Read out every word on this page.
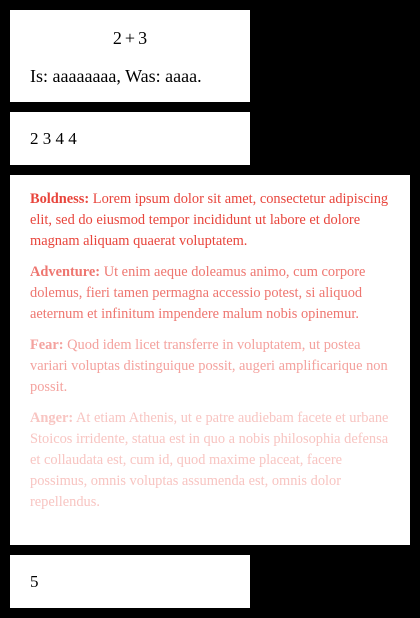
2 + 3
Is: aaaaaaaa, Was: aaaa.
2 3 4 4

Boldness: Lorem ipsum dolor sit amet, consectetur adipiscing elit, sed do eiusmod tempor incididunt ut labore et dolore magnam aliquam quaerat voluptatem.

Adventure: Ut enim aeque doleamus animo, cum corpore dolemus, fieri tamen permagna accessio potest, si aliquod aeternum et infinitum impendere malum nobis opinemur.

Fear: Quod idem licet transferre in voluptatem, ut postea variari voluptas distinguique possit, augeri amplificarique non possit.

Anger: At etiam Athenis, ut e patre audiebam facete et urbane Stoicos irridente, statua est in quo a nobis philosophia defensa et collaudata est, cum id, quod maxime placeat, facere possimus, omnis voluptas assumenda est, omnis dolor repellendus.

5
